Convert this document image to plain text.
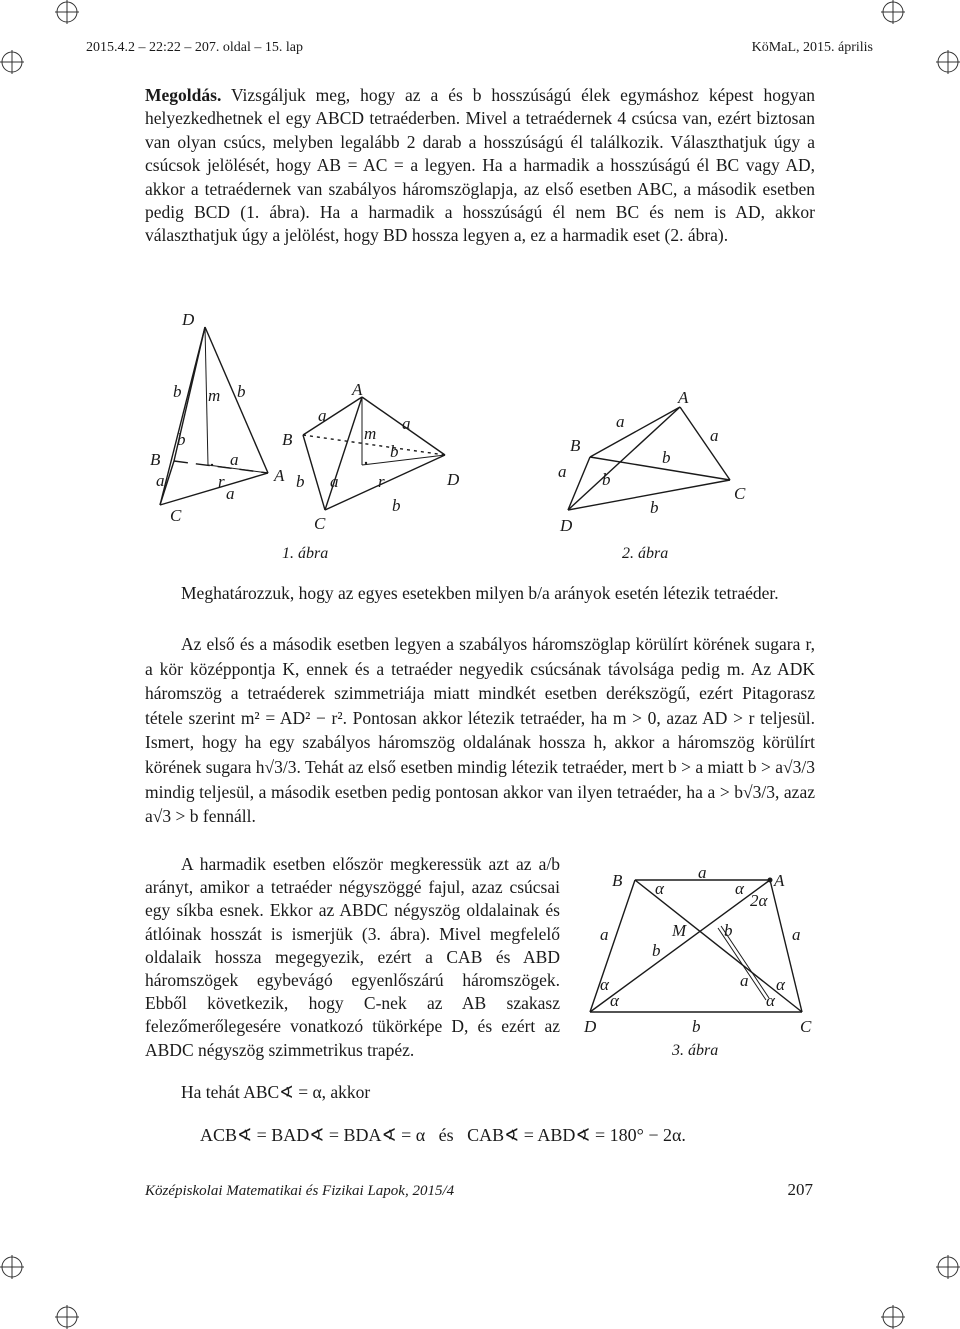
2015.4.2 – 22:22 – 207. oldal – 15. lap	KöMaL, 2015. április

Megoldás. Vizsgáljuk meg, hogy az a és b hosszúságú élek egymáshoz képest hogyan helyezkedhetnek el egy ABCD tetraéderben. Mivel a tetraédernek 4 csúcsa van, ezért biztosan van olyan csúcs, melyben legalább 2 darab a hosszúságú él találkozik. Választhatjuk úgy a csúcsok jelölését, hogy AB = AC = a legyen. Ha a harmadik a hosszúságú él BC vagy AD, akkor a tetraédernek van szabályos háromszöglapja, az első esetben ABC, a második esetben pedig BCD (1. ábra). Ha a harmadik a hosszúságú él nem BC és nem is AD, akkor választhatjuk úgy a jelölést, hogy BD hossza legyen a, ez a harmadik eset (2. ábra).

D
b m b
b
B
a
a
r	A
a
C
A
a	a
B	m
b
b a r	D
b
C
1. ábra
A
a
a
B
b
C
a b
b
D
2. ábra

Meghatározzuk, hogy az egyes esetekben milyen b/a arányok esetén létezik tetraéder.

Az első és a második esetben legyen a szabályos háromszöglap körülírt körének sugara r, a kör középpontja K, ennek és a tetraéder negyedik csúcsának távolsága pedig m. Az ADK háromszög a tetraéderek szimmetriája miatt mindkét esetben derékszögű, ezért Pitagorasz tétele szerint m² = AD² − r². Pontosan akkor létezik tetraéder, ha m > 0, azaz AD > r teljesül. Ismert, hogy ha egy szabályos háromszög oldalának hossza h, akkor a háromszög körülírt körének sugara h√3/3. Tehát az első esetben mindig létezik tetraéder, mert b > a miatt b > a√3/3 mindig teljesül, a második esetben pedig pontosan akkor van ilyen tetraéder, ha a > b√3/3, azaz a√3 > b fennáll.

A harmadik esetben először megkeressük azt az a/b arányt, amikor a tetraéder négyszöggé fajul, azaz csúcsai egy síkba esnek. Ekkor az ABDC négyszög oldalainak és átlóinak hosszát is ismerjük (3. ábra). Mivel megfelelő oldalaik hossza megegyezik, ezért a CAB és ABD háromszögek egybevágó egyenlőszárú háromszögek. Ebből következik, hogy C-nek az AB szakasz felezőmerőlegesére vonatkozó tükörképe D, és ezért az ABDC négyszög szimmetrikus trapéz.

Ha tehát ABC∢ = α, akkor
B α
a
α A
2α
a	M b	a
b
a
α
α
α
α
D	b	C
3. ábra
ACB∢ = BAD∢ = BDA∢ = α   és   CAB∢ = ABD∢ = 180° − 2α.
Középiskolai Matematikai és Fizikai Lapok, 2015/4	207
